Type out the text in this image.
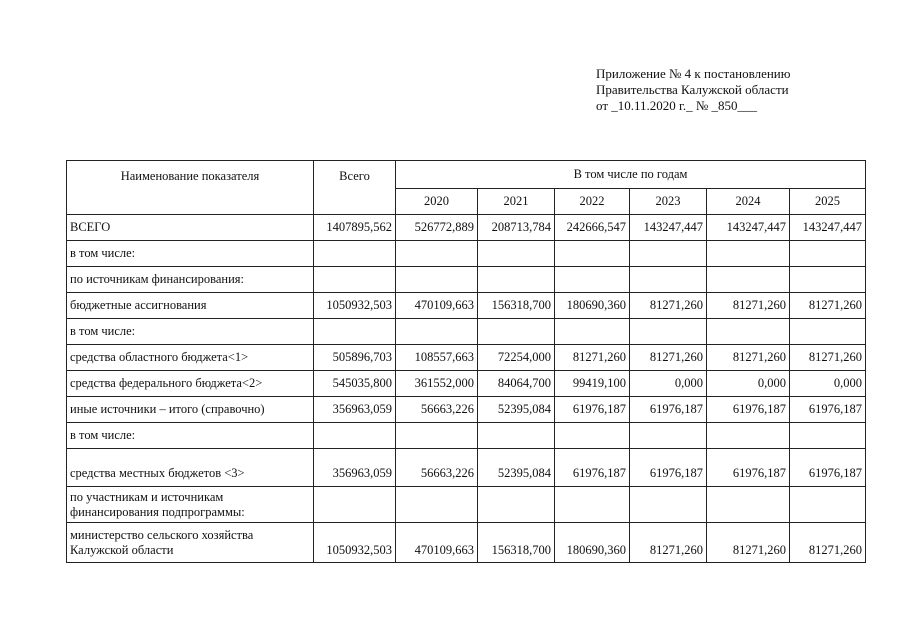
Приложение № 4 к постановлению
Правительства Калужской области
от _10.11.2020 г._ № _850___
Наименование показателя	Всего	В том числе по годам					
		2020	2021	2022	2023	2024	2025
ВСЕГО	1407895,562	526772,889	208713,784	242666,547	143247,447	143247,447	143247,447
в том числе:							
по источникам финансирования:							
бюджетные ассигнования	1050932,503	470109,663	156318,700	180690,360	81271,260	81271,260	81271,260
в том числе:							
средства областного бюджета<1>	505896,703	108557,663	72254,000	81271,260	81271,260	81271,260	81271,260
средства федерального бюджета<2>	545035,800	361552,000	84064,700	99419,100	0,000	0,000	0,000
иные источники – итого (справочно)	356963,059	56663,226	52395,084	61976,187	61976,187	61976,187	61976,187
в том числе:							
средства местных бюджетов <3>	356963,059	56663,226	52395,084	61976,187	61976,187	61976,187	61976,187
по участникам и источникам финансирования подпрограммы:							
министерство сельского хозяйства Калужской области	1050932,503	470109,663	156318,700	180690,360	81271,260	81271,260	81271,260
